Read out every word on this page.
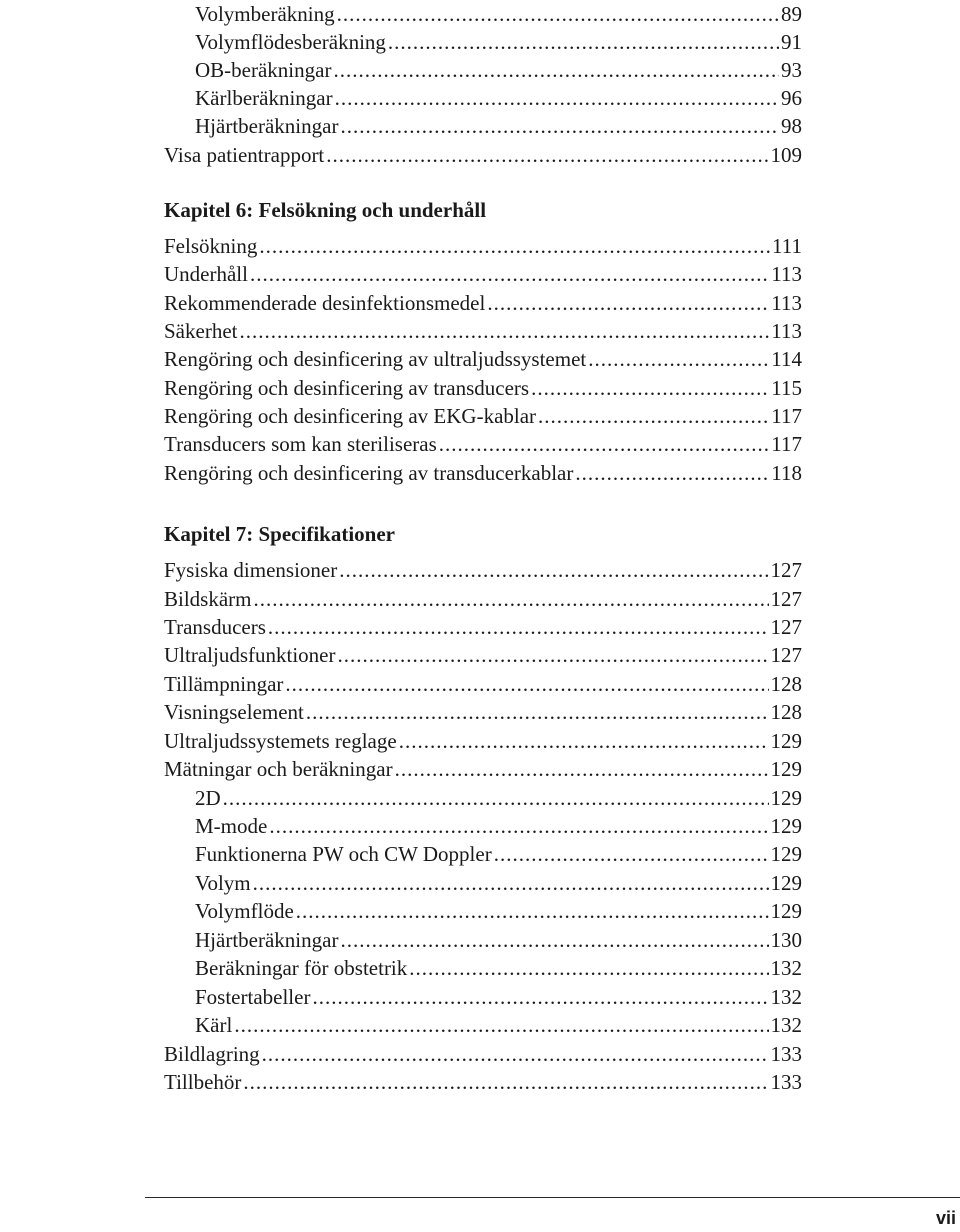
Volymberäkning .....	89
Volymflödesberäkning .....	91
OB-beräkningar .....	93
Kärlberäkningar .....	96
Hjärtberäkningar .....	98
Visa patientrapport .....	109
Kapitel 6: Felsökning och underhåll
Felsökning .....	111
Underhåll .....	113
Rekommenderade desinfektionsmedel .....	113
Säkerhet .....	113
Rengöring och desinficering av ultraljudssystemet .....	114
Rengöring och desinficering av transducers .....	115
Rengöring och desinficering av EKG-kablar .....	117
Transducers som kan steriliseras .....	117
Rengöring och desinficering av transducerkablar .....	118
Kapitel 7: Specifikationer
Fysiska dimensioner .....	127
Bildskärm .....	127
Transducers .....	127
Ultraljudsfunktioner .....	127
Tillämpningar .....	128
Visningselement .....	128
Ultraljudssystemets reglage .....	129
Mätningar och beräkningar .....	129
2D .....	129
M-mode .....	129
Funktionerna PW och CW Doppler .....	129
Volym .....	129
Volymflöde .....	129
Hjärtberäkningar .....	130
Beräkningar för obstetrik .....	132
Fostertabeller .....	132
Kärl .....	132
Bildlagring .....	133
Tillbehör .....	133
vii
